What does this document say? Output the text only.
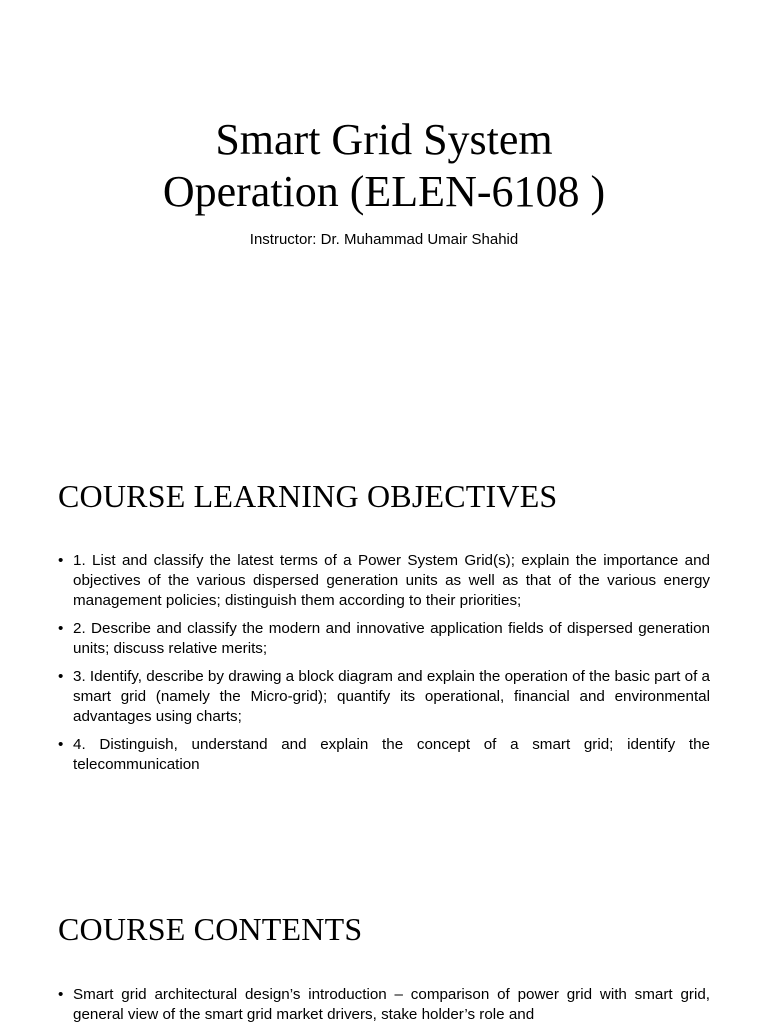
Smart Grid System
Operation (ELEN-6108 )

Instructor: Dr. Muhammad Umair Shahid

COURSE LEARNING OBJECTIVES
• 1. List and classify the latest terms of a Power System Grid(s); explain the importance and objectives of the various dispersed generation units as well as that of the various energy management policies; distinguish them according to their priorities;
• 2. Describe and classify the modern and innovative application fields of dispersed generation units; discuss relative merits;
• 3. Identify, describe by drawing a block diagram and explain the operation of the basic part of a smart grid (namely the Micro-grid); quantify its operational, financial and environmental advantages using charts;
• 4. Distinguish, understand and explain the concept of a smart grid; identify the telecommunication
COURSE CONTENTS
• Smart grid architectural design’s introduction – comparison of power grid with smart grid, general view of the smart grid market drivers, stake holder’s role and
